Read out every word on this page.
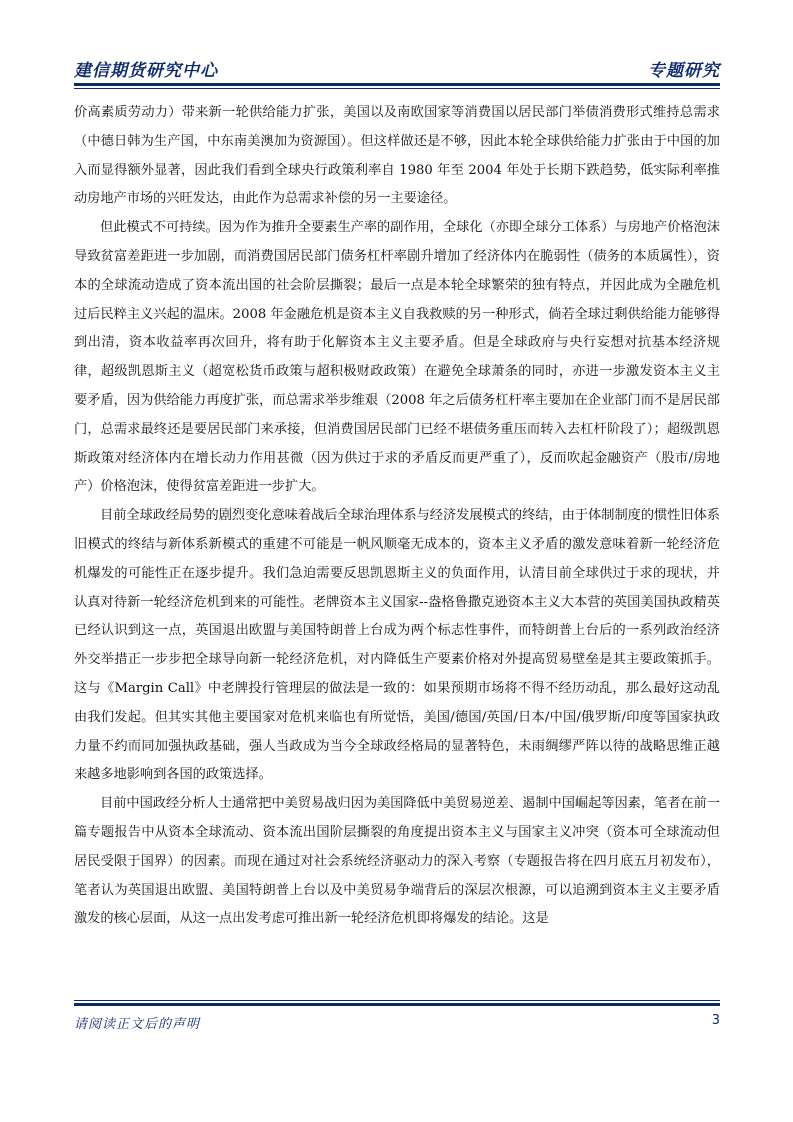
建信期货研究中心	专题研究

价高素质劳动力）带来新一轮供给能力扩张，美国以及南欧国家等消费国以居民部门举债消费形式维持总需求（中德日韩为生产国，中东南美澳加为资源国）。但这样做还是不够，因此本轮全球供给能力扩张由于中国的加入而显得额外显著，因此我们看到全球央行政策利率自 1980 年至 2004 年处于长期下跌趋势，低实际利率推动房地产市场的兴旺发达，由此作为总需求补偿的另一主要途径。

但此模式不可持续。因为作为推升全要素生产率的副作用，全球化（亦即全球分工体系）与房地产价格泡沫导致贫富差距进一步加剧，而消费国居民部门债务杠杆率剧升增加了经济体内在脆弱性（债务的本质属性），资本的全球流动造成了资本流出国的社会阶层撕裂；最后一点是本轮全球繁荣的独有特点，并因此成为全融危机过后民粹主义兴起的温床。2008 年金融危机是资本主义自我救赎的另一种形式，倘若全球过剩供给能力能够得到出清，资本收益率再次回升，将有助于化解资本主义主要矛盾。但是全球政府与央行妄想对抗基本经济规律，超级凯恩斯主义（超宽松货币政策与超积极财政政策）在避免全球萧条的同时，亦进一步激发资本主义主要矛盾，因为供给能力再度扩张，而总需求举步维艰（2008 年之后债务杠杆率主要加在企业部门而不是居民部门，总需求最终还是要居民部门来承接，但消费国居民部门已经不堪债务重压而转入去杠杆阶段了）；超级凯恩斯政策对经济体内在增长动力作用甚微（因为供过于求的矛盾反而更严重了），反而吹起金融资产（股市/房地产）价格泡沫，使得贫富差距进一步扩大。

目前全球政经局势的剧烈变化意味着战后全球治理体系与经济发展模式的终结，由于体制制度的惯性旧体系旧模式的终结与新体系新模式的重建不可能是一帆风顺毫无成本的，资本主义矛盾的激发意味着新一轮经济危机爆发的可能性正在逐步提升。我们急迫需要反思凯恩斯主义的负面作用，认清目前全球供过于求的现状，并认真对待新一轮经济危机到来的可能性。老牌资本主义国家--盎格鲁撒克逊资本主义大本营的英国美国执政精英已经认识到这一点，英国退出欧盟与美国特朗普上台成为两个标志性事件，而特朗普上台后的一系列政治经济外交举措正一步步把全球导向新一轮经济危机，对内降低生产要素价格对外提高贸易壁垒是其主要政策抓手。这与《Margin Call》中老牌投行管理层的做法是一致的：如果预期市场将不得不经历动乱，那么最好这动乱由我们发起。但其实其他主要国家对危机来临也有所觉悟，美国/德国/英国/日本/中国/俄罗斯/印度等国家执政力量不约而同加强执政基础，强人当政成为当今全球政经格局的显著特色，未雨绸缪严阵以待的战略思维正越来越多地影响到各国的政策选择。

目前中国政经分析人士通常把中美贸易战归因为美国降低中美贸易逆差、遏制中国崛起等因素，笔者在前一篇专题报告中从资本全球流动、资本流出国阶层撕裂的角度提出资本主义与国家主义冲突（资本可全球流动但居民受限于国界）的因素。而现在通过对社会系统经济驱动力的深入考察（专题报告将在四月底五月初发布），笔者认为英国退出欧盟、美国特朗普上台以及中美贸易争端背后的深层次根源，可以追溯到资本主义主要矛盾激发的核心层面，从这一点出发考虑可推出新一轮经济危机即将爆发的结论。这是

请阅读正文后的声明	3
